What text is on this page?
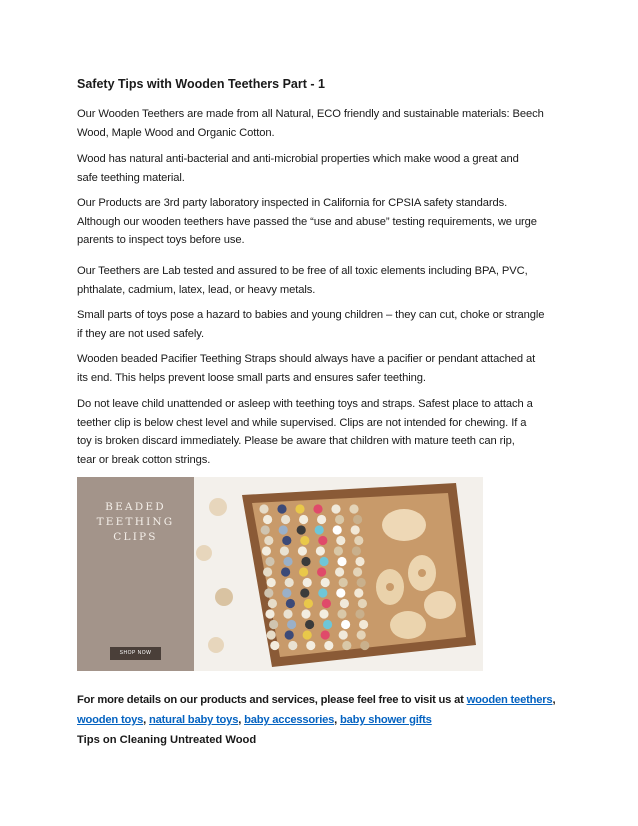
Safety Tips with Wooden Teethers Part - 1

Our Wooden Teethers are made from all Natural, ECO friendly and sustainable materials: Beech
Wood, Maple Wood and Organic Cotton.

Wood has natural anti-bacterial and anti-microbial properties which make wood a great and
safe teething material.

Our Products are 3rd party laboratory inspected in California for CPSIA safety standards.
Although our wooden teethers have passed the “use and abuse” testing requirements, we urge
parents to inspect toys before use.

Our Teethers are Lab tested and assured to be free of all toxic elements including BPA, PVC,
phthalate, cadmium, latex, lead, or heavy metals.

Small parts of toys pose a hazard to babies and young children – they can cut, choke or strangle
if they are not used safely.

Wooden beaded Pacifier Teething Straps should always have a pacifier or pendant attached at
its end. This helps prevent loose small parts and ensures safer teething.

Do not leave child unattended or asleep with teething toys and straps. Safest place to attach a
teether clip is below chest level and while supervised. Clips are not intended for chewing. If a
toy is broken discard immediately. Please be aware that children with mature teeth can rip,
tear or break cotton strings.

BEADED
TEETHING
CLIPS
SHOP NOW

For more details on our products and services, please feel free to visit us at wooden teethers,
wooden toys, natural baby toys, baby accessories, baby shower gifts

Tips on Cleaning Untreated Wood
